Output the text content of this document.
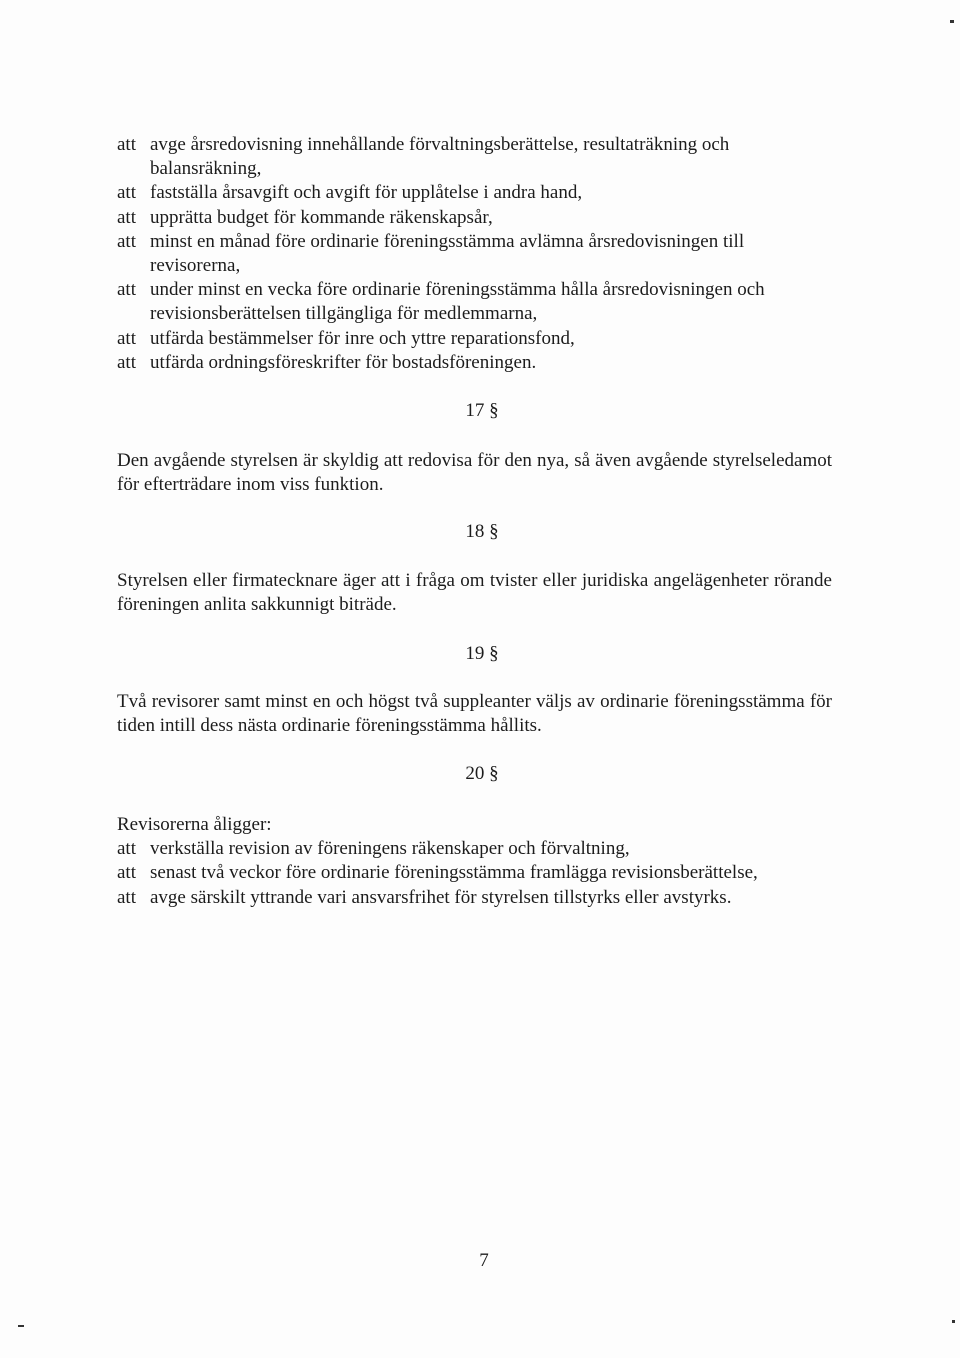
att avge årsredovisning innehållande förvaltningsberättelse, resultaträkning och balansräkning,
att fastställa årsavgift och avgift för upplåtelse i andra hand,
att upprätta budget för kommande räkenskapsår,
att minst en månad före ordinarie föreningsstämma avlämna årsredovisningen till revisorerna,
att under minst en vecka före ordinarie föreningsstämma hålla årsredovisningen och revisionsberättelsen tillgängliga för medlemmarna,
att utfärda bestämmelser för inre och yttre reparationsfond,
att utfärda ordningsföreskrifter för bostadsföreningen.
17 §
Den avgående styrelsen är skyldig att redovisa för den nya, så även avgående styrelseledamot för efterträdare inom viss funktion.
18 §
Styrelsen eller firmatecknare äger att i fråga om tvister eller juridiska angelägenheter rörande föreningen anlita sakkunnigt biträde.
19 §
Två revisorer samt minst en och högst två suppleanter väljs av ordinarie föreningsstämma för tiden intill dess nästa ordinarie föreningsstämma hållits.
20 §
Revisorerna åligger:
att verkställa revision av föreningens räkenskaper och förvaltning,
att senast två veckor före ordinarie föreningsstämma framlägga revisionsberättelse,
att avge särskilt yttrande vari ansvarsfrihet för styrelsen tillstyrks eller avstyrks.
7
